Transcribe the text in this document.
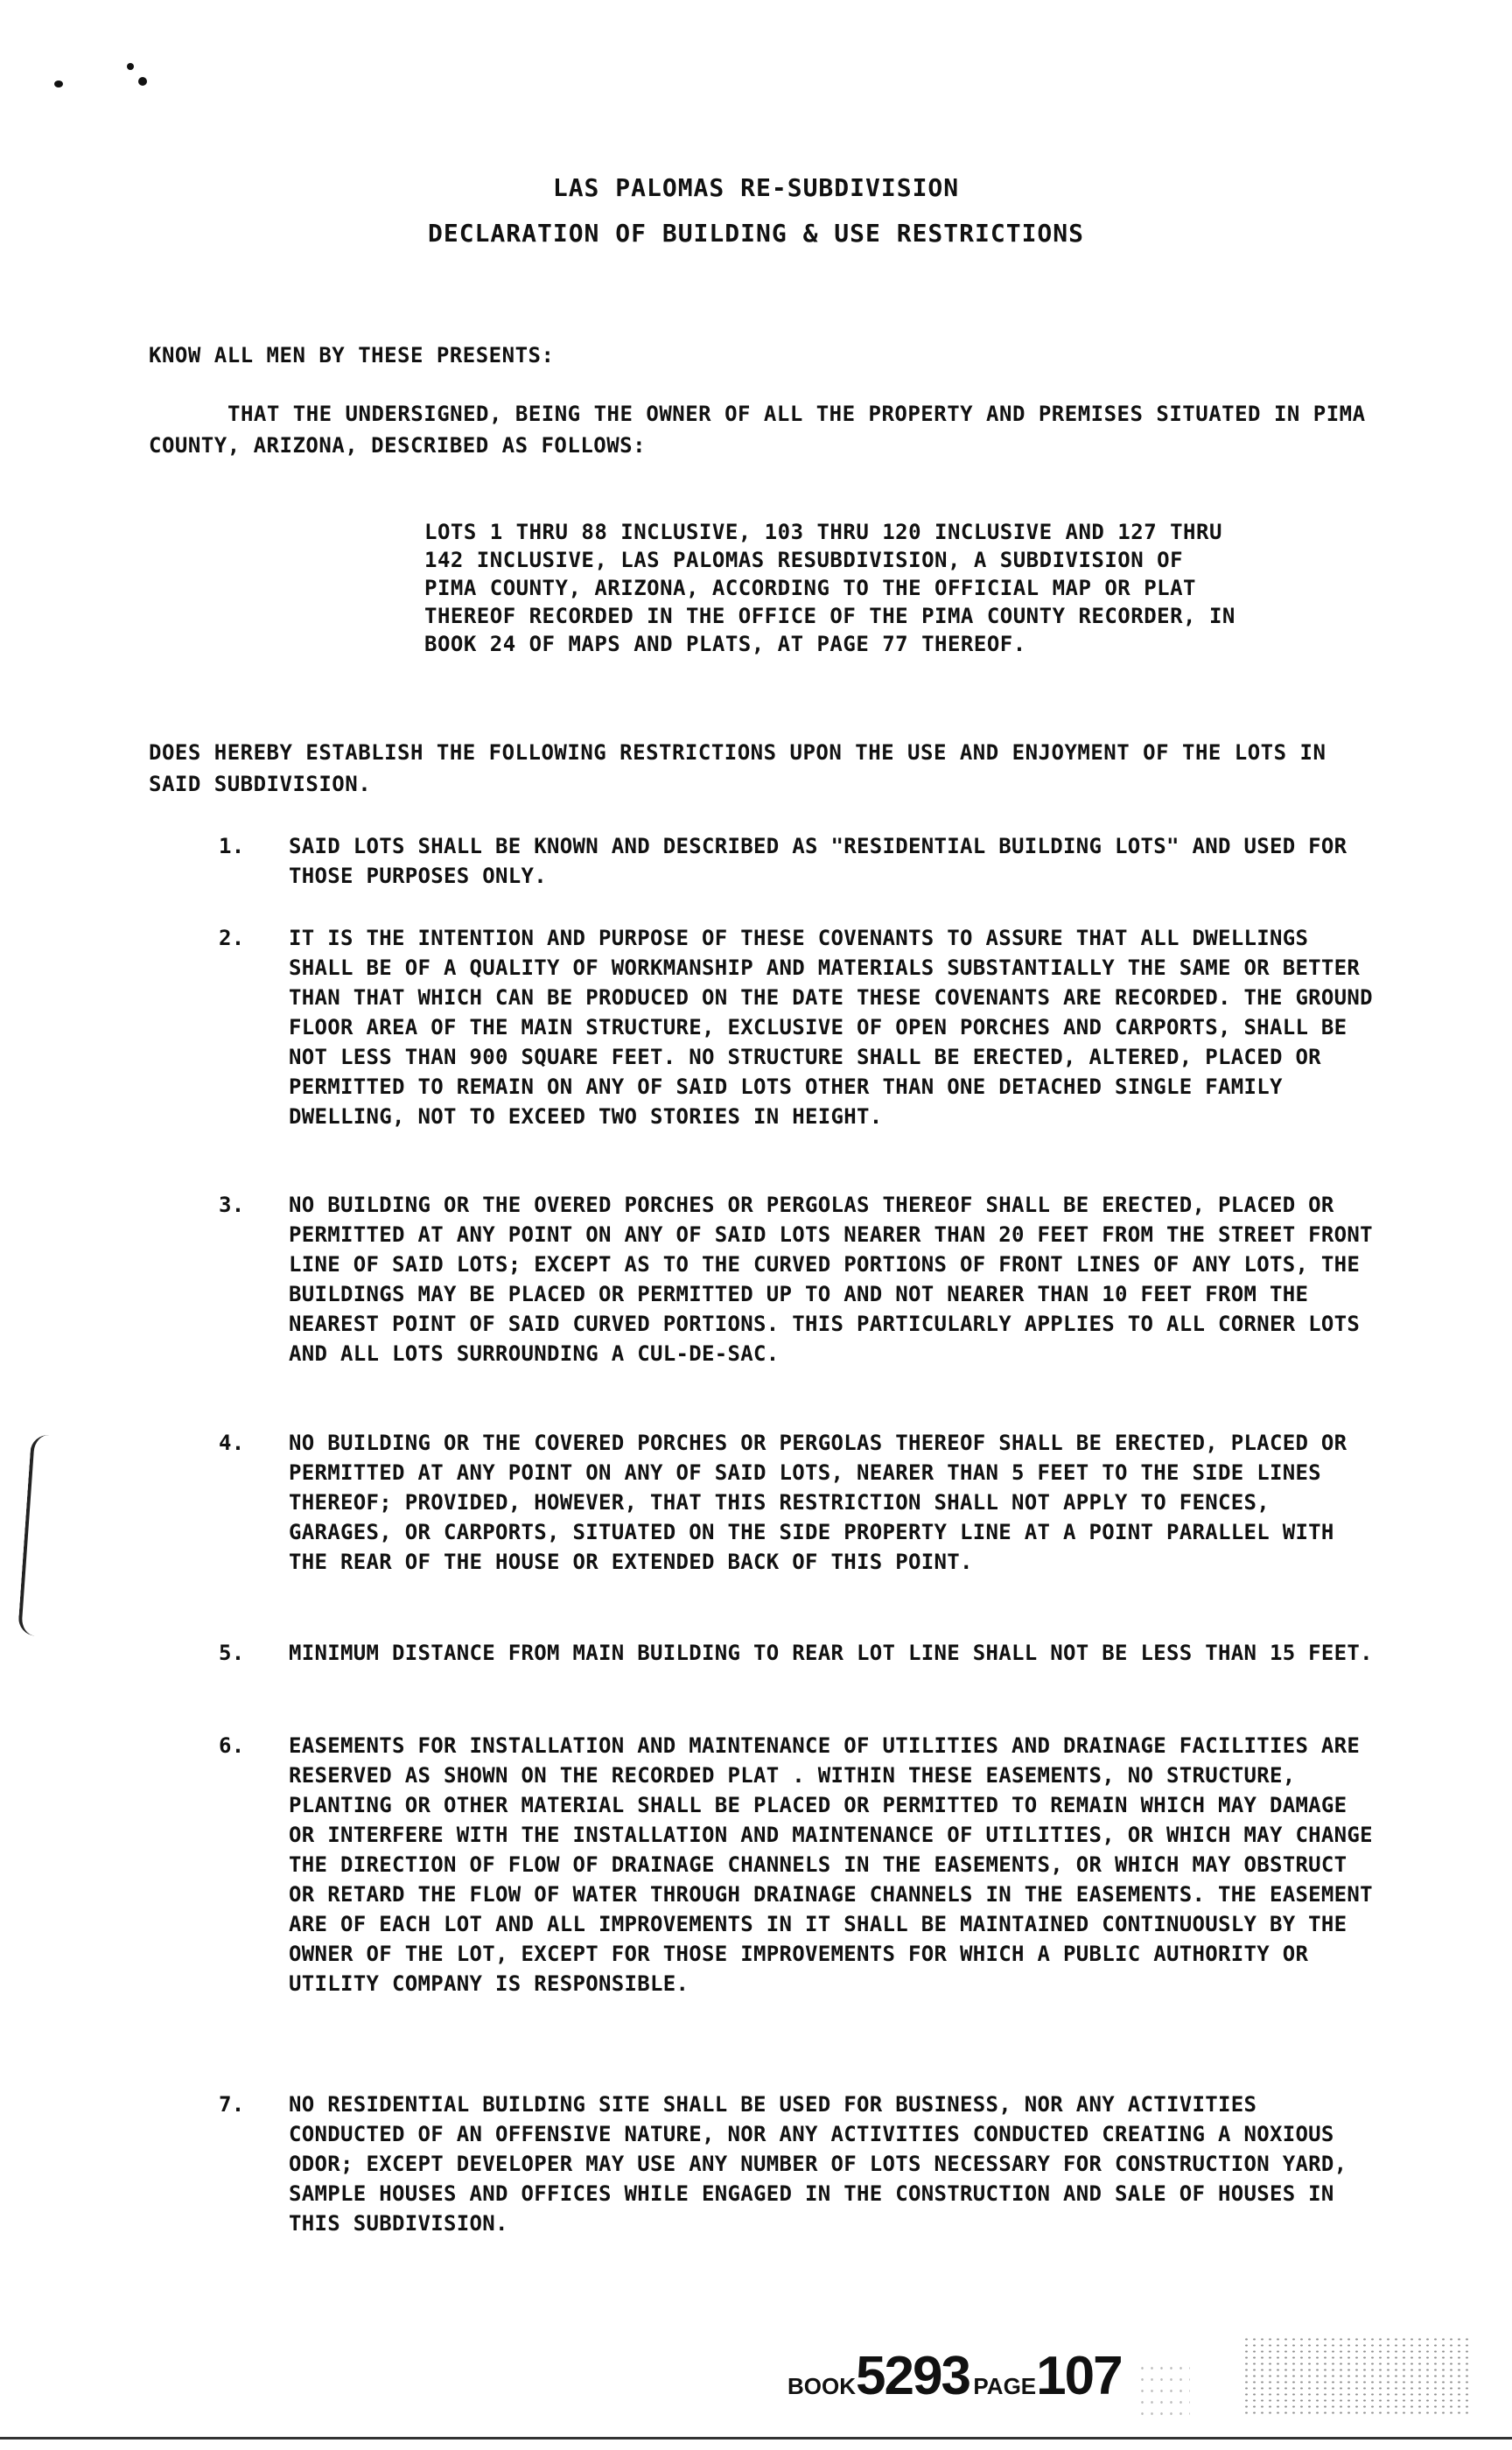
LAS PALOMAS RE-SUBDIVISION
DECLARATION OF BUILDING & USE RESTRICTIONS
KNOW ALL MEN BY THESE PRESENTS:
THAT THE UNDERSIGNED, BEING THE OWNER OF ALL THE PROPERTY AND PREMISES SITUATED IN PIMA COUNTY, ARIZONA, DESCRIBED AS FOLLOWS:
LOTS 1 THRU 88 INCLUSIVE, 103 THRU 120 INCLUSIVE AND 127 THRU 142 INCLUSIVE, LAS PALOMAS RESUBDIVISION, A SUBDIVISION OF PIMA COUNTY, ARIZONA, ACCORDING TO THE OFFICIAL MAP OR PLAT THEREOF RECORDED IN THE OFFICE OF THE PIMA COUNTY RECORDER, IN BOOK 24 OF MAPS AND PLATS, AT PAGE 77 THEREOF.
DOES HEREBY ESTABLISH THE FOLLOWING RESTRICTIONS UPON THE USE AND ENJOYMENT OF THE LOTS IN SAID SUBDIVISION.
1.	SAID LOTS SHALL BE KNOWN AND DESCRIBED AS "RESIDENTIAL BUILDING LOTS" AND USED FOR THOSE PURPOSES ONLY.
2.	IT IS THE INTENTION AND PURPOSE OF THESE COVENANTS TO ASSURE THAT ALL DWELLINGS SHALL BE OF A QUALITY OF WORKMANSHIP AND MATERIALS SUBSTANTIALLY THE SAME OR BETTER THAN THAT WHICH CAN BE PRODUCED ON THE DATE THESE COVENANTS ARE RECORDED. THE GROUND FLOOR AREA OF THE MAIN STRUCTURE, EXCLUSIVE OF OPEN PORCHES AND CARPORTS, SHALL BE NOT LESS THAN 900 SQUARE FEET. NO STRUCTURE SHALL BE ERECTED, ALTERED, PLACED OR PERMITTED TO REMAIN ON ANY OF SAID LOTS OTHER THAN ONE DETACHED SINGLE FAMILY DWELLING, NOT TO EXCEED TWO STORIES IN HEIGHT.
3.	NO BUILDING OR THE OVERED PORCHES OR PERGOLAS THEREOF SHALL BE ERECTED, PLACED OR PERMITTED AT ANY POINT ON ANY OF SAID LOTS NEARER THAN 20 FEET FROM THE STREET FRONT LINE OF SAID LOTS; EXCEPT AS TO THE CURVED PORTIONS OF FRONT LINES OF ANY LOTS, THE BUILDINGS MAY BE PLACED OR PERMITTED UP TO AND NOT NEARER THAN 10 FEET FROM THE NEAREST POINT OF SAID CURVED PORTIONS. THIS PARTICULARLY APPLIES TO ALL CORNER LOTS AND ALL LOTS SURROUNDING A CUL-DE-SAC.
4.	NO BUILDING OR THE COVERED PORCHES OR PERGOLAS THEREOF SHALL BE ERECTED, PLACED OR PERMITTED AT ANY POINT ON ANY OF SAID LOTS, NEARER THAN 5 FEET TO THE SIDE LINES THEREOF; PROVIDED, HOWEVER, THAT THIS RESTRICTION SHALL NOT APPLY TO FENCES, GARAGES, OR CARPORTS, SITUATED ON THE SIDE PROPERTY LINE AT A POINT PARALLEL WITH THE REAR OF THE HOUSE OR EXTENDED BACK OF THIS POINT.
5.	MINIMUM DISTANCE FROM MAIN BUILDING TO REAR LOT LINE SHALL NOT BE LESS THAN 15 FEET.
6.	EASEMENTS FOR INSTALLATION AND MAINTENANCE OF UTILITIES AND DRAINAGE FACILITIES ARE RESERVED AS SHOWN ON THE RECORDED PLAT . WITHIN THESE EASEMENTS, NO STRUCTURE, PLANTING OR OTHER MATERIAL SHALL BE PLACED OR PERMITTED TO REMAIN WHICH MAY DAMAGE OR INTERFERE WITH THE INSTALLATION AND MAINTENANCE OF UTILITIES, OR WHICH MAY CHANGE THE DIRECTION OF FLOW OF DRAINAGE CHANNELS IN THE EASEMENTS, OR WHICH MAY OBSTRUCT OR RETARD THE FLOW OF WATER THROUGH DRAINAGE CHANNELS IN THE EASEMENTS. THE EASEMENT ARE OF EACH LOT AND ALL IMPROVEMENTS IN IT SHALL BE MAINTAINED CONTINUOUSLY BY THE OWNER OF THE LOT, EXCEPT FOR THOSE IMPROVEMENTS FOR WHICH A PUBLIC AUTHORITY OR UTILITY COMPANY IS RESPONSIBLE.
7.	NO RESIDENTIAL BUILDING SITE SHALL BE USED FOR BUSINESS, NOR ANY ACTIVITIES CONDUCTED OF AN OFFENSIVE NATURE, NOR ANY ACTIVITIES CONDUCTED CREATING A NOXIOUS ODOR; EXCEPT DEVELOPER MAY USE ANY NUMBER OF LOTS NECESSARY FOR CONSTRUCTION YARD, SAMPLE HOUSES AND OFFICES WHILE ENGAGED IN THE CONSTRUCTION AND SALE OF HOUSES IN THIS SUBDIVISION.
BOOK5293 PAGE107
